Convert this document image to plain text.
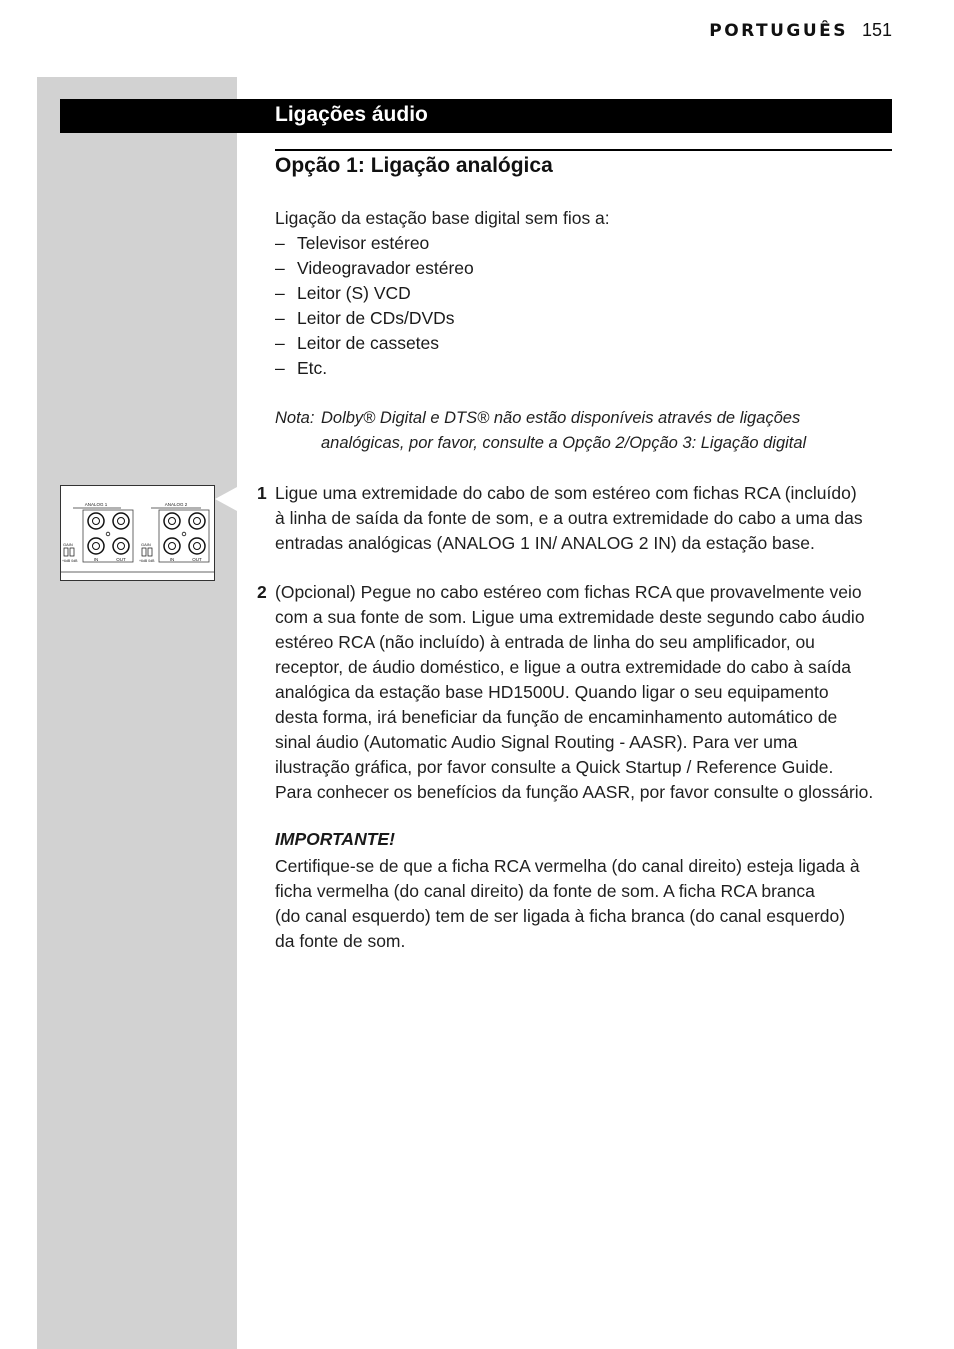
PORTUGUÊS 151
Ligações áudio
Opção 1: Ligação analógica
Ligação da estação base digital sem fios a:
– Televisor estéreo
– Videogravador estéreo
– Leitor (S) VCD
– Leitor de CDs/DVDs
– Leitor de cassetes
– Etc.
Nota: Dolby® Digital e DTS® não estão disponíveis através de ligações
analógicas, por favor, consulte a Opção 2/Opção 3: Ligação digital
ANALOG 1	ANALOG 2
IN	OUT	IN	OUT
GAIN
+6dB 0dB
GAIN
+6dB 0dB
1 Ligue uma extremidade do cabo de som estéreo com fichas RCA (incluído)
à linha de saída da fonte de som, e a outra extremidade do cabo a uma das
entradas analógicas (ANALOG 1 IN/ ANALOG 2 IN) da estação base.
2 (Opcional) Pegue no cabo estéreo com fichas RCA que provavelmente veio
com a sua fonte de som. Ligue uma extremidade deste segundo cabo áudio
estéreo RCA (não incluído) à entrada de linha do seu amplificador, ou
receptor, de áudio doméstico, e ligue a outra extremidade do cabo à saída
analógica da estação base HD1500U. Quando ligar o seu equipamento
desta forma, irá beneficiar da função de encaminhamento automático de
sinal áudio (Automatic Audio Signal Routing - AASR). Para ver uma
ilustração gráfica, por favor consulte a Quick Startup / Reference Guide.
Para conhecer os benefícios da função AASR, por favor consulte o glossário.
IMPORTANTE!
Certifique-se de que a ficha RCA vermelha (do canal direito) esteja ligada à
ficha vermelha (do canal direito) da fonte de som. A ficha RCA branca
(do canal esquerdo) tem de ser ligada à ficha branca (do canal esquerdo)
da fonte de som.
